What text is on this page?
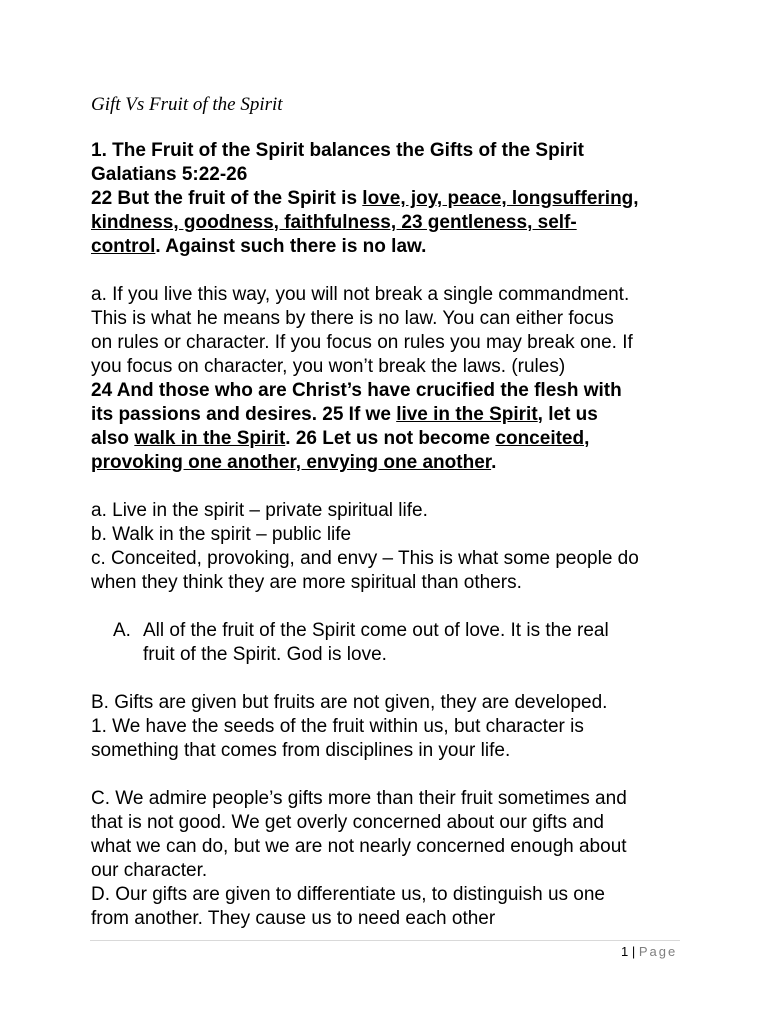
Gift Vs Fruit of the Spirit

1. The Fruit of the Spirit balances the Gifts of the Spirit

Galatians 5:22-26

22 But the fruit of the Spirit is love, joy, peace, longsuffering,

kindness, goodness, faithfulness, 23 gentleness, self-

control. Against such there is no law.

a. If you live this way, you will not break a single commandment.

This is what he means by there is no law. You can either focus

on rules or character. If you focus on rules you may break one. If

you focus on character, you won’t break the laws. (rules)

24 And those who are Christ’s have crucified the flesh with

its passions and desires. 25 If we live in the Spirit, let us

also walk in the Spirit. 26 Let us not become conceited,

provoking one another, envying one another.

a. Live in the spirit – private spiritual life.

b. Walk in the spirit – public life

c. Conceited, provoking, and envy – This is what some people do

when they think they are more spiritual than others.

A. All of the fruit of the Spirit come out of love. It is the real

fruit of the Spirit. God is love.

B. Gifts are given but fruits are not given, they are developed.

1. We have the seeds of the fruit within us, but character is

something that comes from disciplines in your life.

C. We admire people’s gifts more than their fruit sometimes and

that is not good. We get overly concerned about our gifts and

what we can do, but we are not nearly concerned enough about

our character.

D. Our gifts are given to differentiate us, to distinguish us one

from another. They cause us to need each other

1 | Page
